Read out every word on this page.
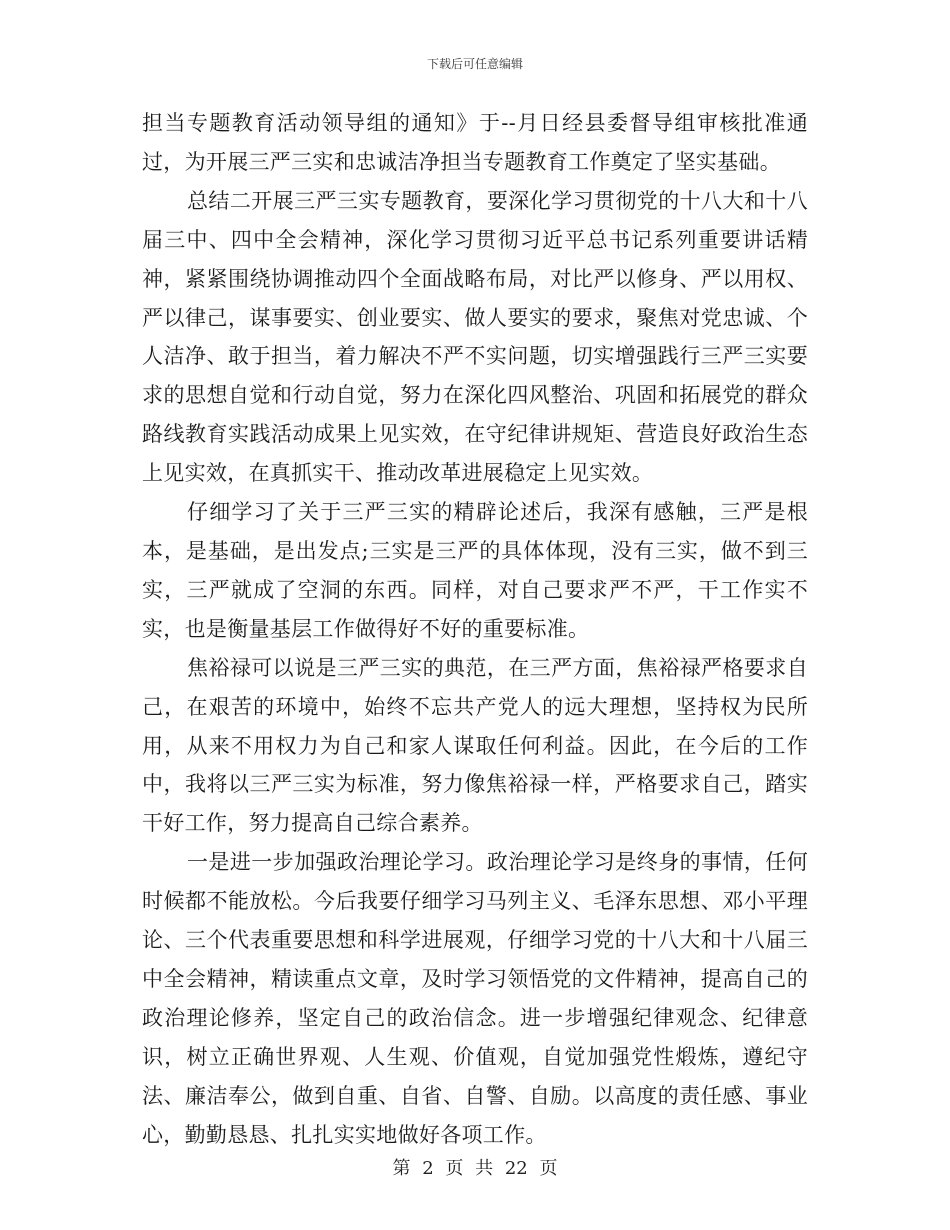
下载后可任意编辑

担当专题教育活动领导组的通知》于--月日经县委督导组审核批准通过，为开展三严三实和忠诚洁净担当专题教育工作奠定了坚实基础。

总结二开展三严三实专题教育，要深化学习贯彻党的十八大和十八届三中、四中全会精神，深化学习贯彻习近平总书记系列重要讲话精神，紧紧围绕协调推动四个全面战略布局，对比严以修身、严以用权、严以律己，谋事要实、创业要实、做人要实的要求，聚焦对党忠诚、个人洁净、敢于担当，着力解决不严不实问题，切实增强践行三严三实要求的思想自觉和行动自觉，努力在深化四风整治、巩固和拓展党的群众路线教育实践活动成果上见实效，在守纪律讲规矩、营造良好政治生态上见实效，在真抓实干、推动改革进展稳定上见实效。

仔细学习了关于三严三实的精辟论述后，我深有感触，三严是根本，是基础，是出发点;三实是三严的具体体现，没有三实，做不到三实，三严就成了空洞的东西。同样，对自己要求严不严，干工作实不实，也是衡量基层工作做得好不好的重要标准。

焦裕禄可以说是三严三实的典范，在三严方面，焦裕禄严格要求自己，在艰苦的环境中，始终不忘共产党人的远大理想，坚持权为民所用，从来不用权力为自己和家人谋取任何利益。因此，在今后的工作中，我将以三严三实为标准，努力像焦裕禄一样，严格要求自己，踏实干好工作，努力提高自己综合素养。

一是进一步加强政治理论学习。政治理论学习是终身的事情，任何时候都不能放松。今后我要仔细学习马列主义、毛泽东思想、邓小平理论、三个代表重要思想和科学进展观，仔细学习党的十八大和十八届三中全会精神，精读重点文章，及时学习领悟党的文件精神，提高自己的政治理论修养，坚定自己的政治信念。进一步增强纪律观念、纪律意识，树立正确世界观、人生观、价值观，自觉加强党性煅炼，遵纪守法、廉洁奉公，做到自重、自省、自警、自励。以高度的责任感、事业心，勤勤恳恳、扎扎实实地做好各项工作。

第 2 页 共 22 页
